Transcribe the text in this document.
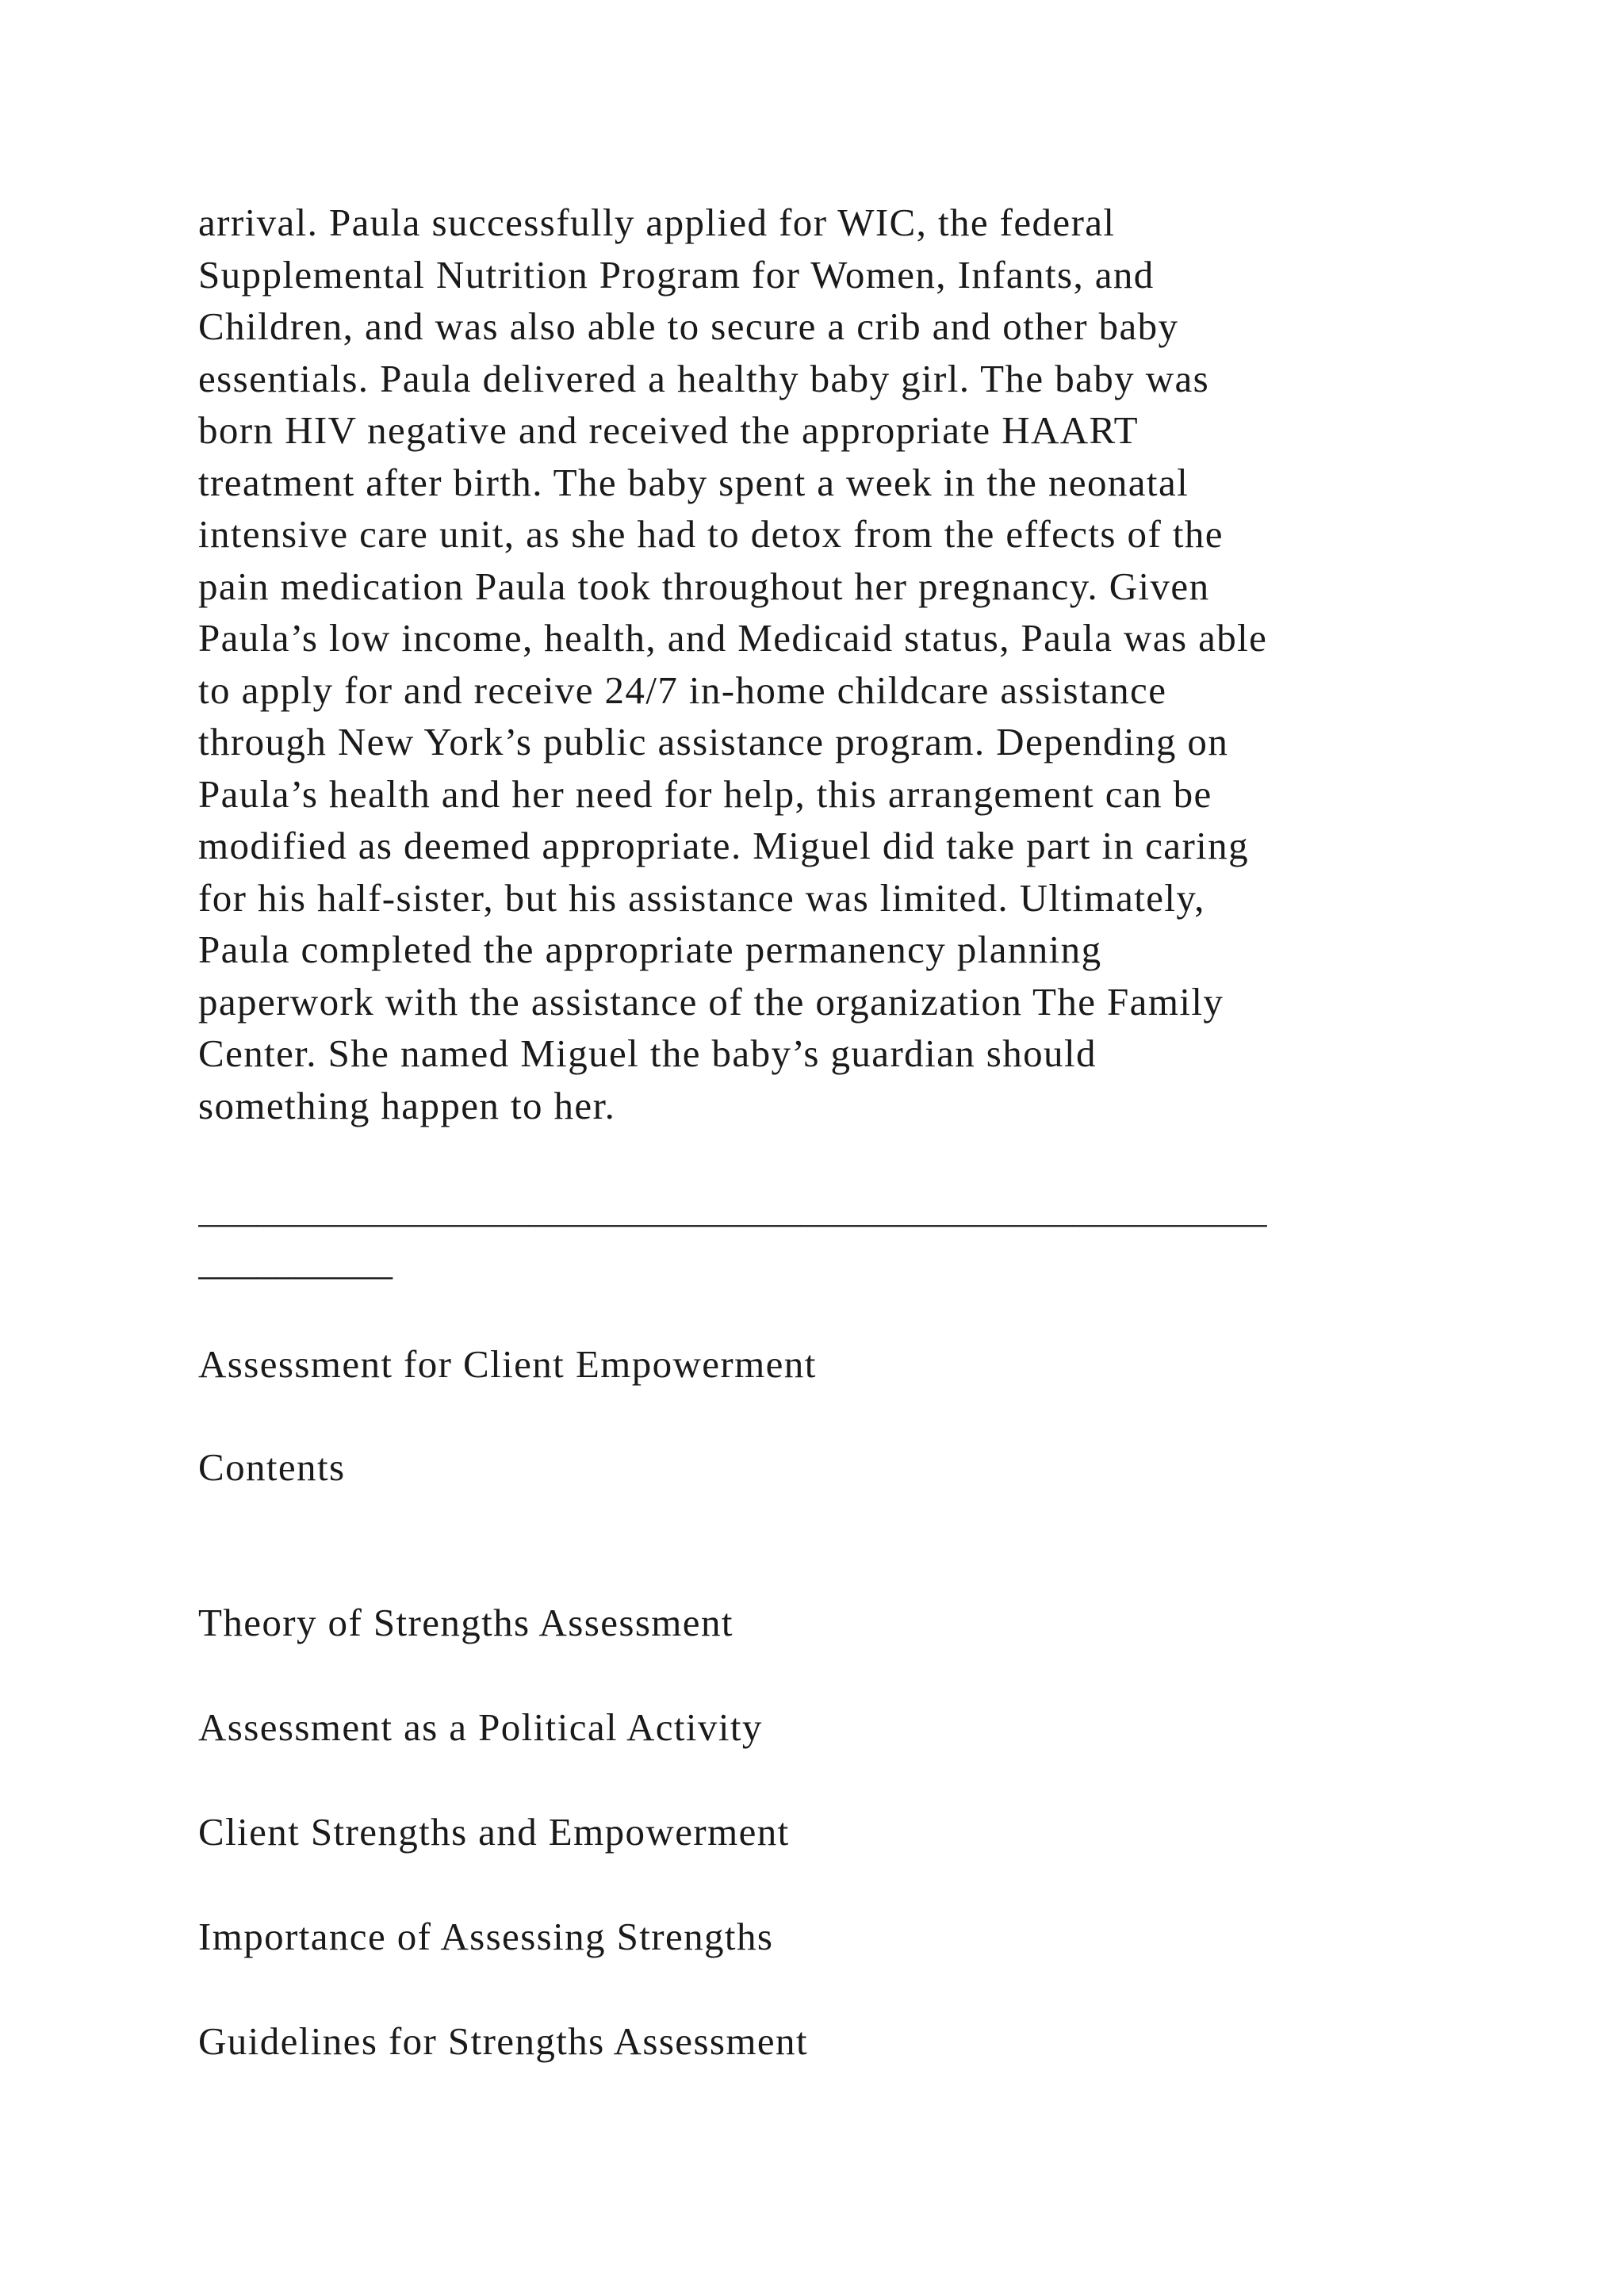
arrival. Paula successfully applied for WIC, the federal
Supplemental Nutrition Program for Women, Infants, and
Children, and was also able to secure a crib and other baby
essentials. Paula delivered a healthy baby girl. The baby was
born HIV negative and received the appropriate HAART
treatment after birth. The baby spent a week in the neonatal
intensive care unit, as she had to detox from the effects of the
pain medication Paula took throughout her pregnancy. Given
Paula’s low income, health, and Medicaid status, Paula was able
to apply for and receive 24/7 in-home childcare assistance
through New York’s public assistance program. Depending on
Paula’s health and her need for help, this arrangement can be
modified as deemed appropriate. Miguel did take part in caring
for his half-sister, but his assistance was limited. Ultimately,
Paula completed the appropriate permanency planning
paperwork with the assistance of the organization The Family
Center. She named Miguel the baby’s guardian should
something happen to her.

_______________________________________________________
__________

Assessment for Client Empowerment

Contents

Theory of Strengths Assessment
Assessment as a Political Activity
Client Strengths and Empowerment
Importance of Assessing Strengths
Guidelines for Strengths Assessment
